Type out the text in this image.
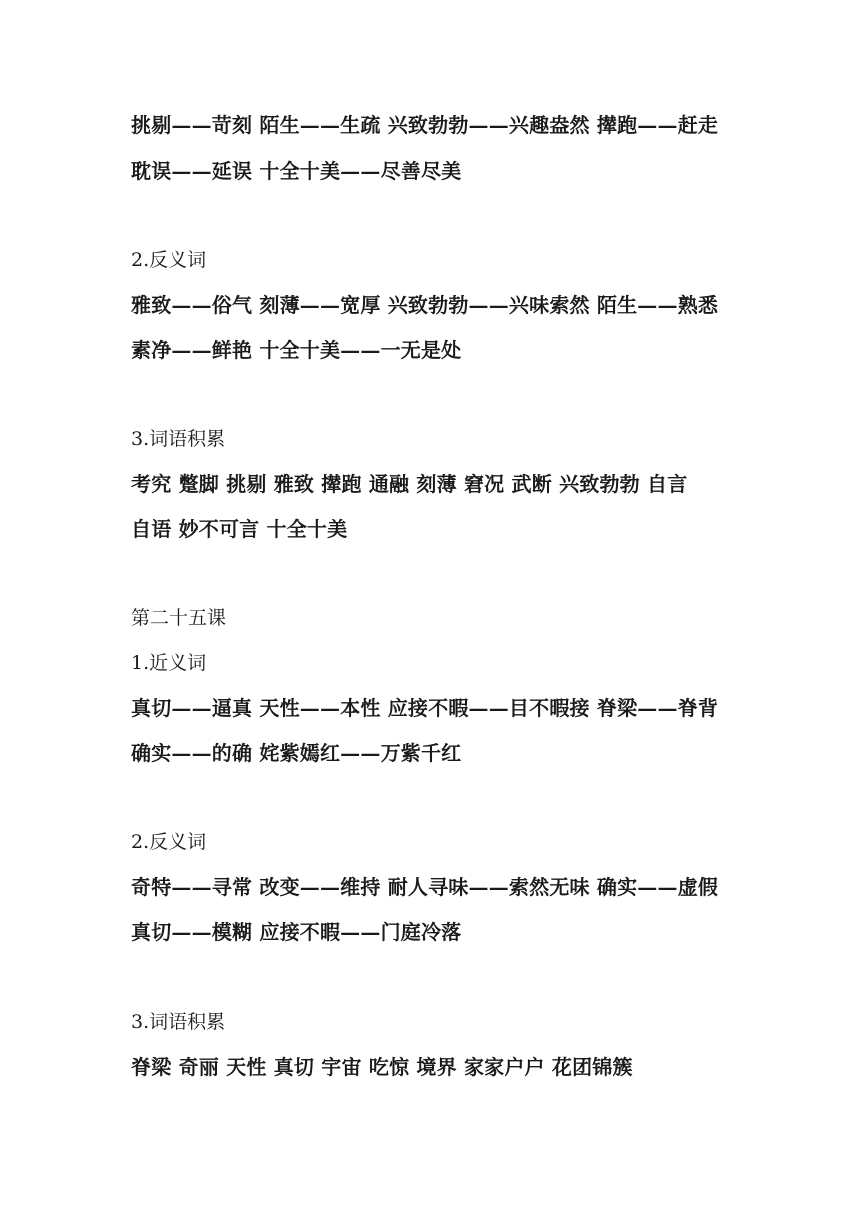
挑剔——苛刻 陌生——生疏 兴致勃勃——兴趣盎然 撵跑——赶走
耽误——延误 十全十美——尽善尽美
2.反义词
雅致——俗气 刻薄——宽厚 兴致勃勃——兴味索然 陌生——熟悉
素净——鲜艳 十全十美——一无是处
3.词语积累
考究 蹩脚 挑剔 雅致 撵跑 通融 刻薄 窘况 武断 兴致勃勃 自言
自语 妙不可言 十全十美
第二十五课
1.近义词
真切——逼真 天性——本性 应接不暇——目不暇接 脊梁——脊背
确实——的确 姹紫嫣红——万紫千红
2.反义词
奇特——寻常 改变——维持 耐人寻味——索然无味 确实——虚假
真切——模糊 应接不暇——门庭冷落
3.词语积累
脊梁 奇丽 天性 真切 宇宙 吃惊 境界 家家户户 花团锦簇
